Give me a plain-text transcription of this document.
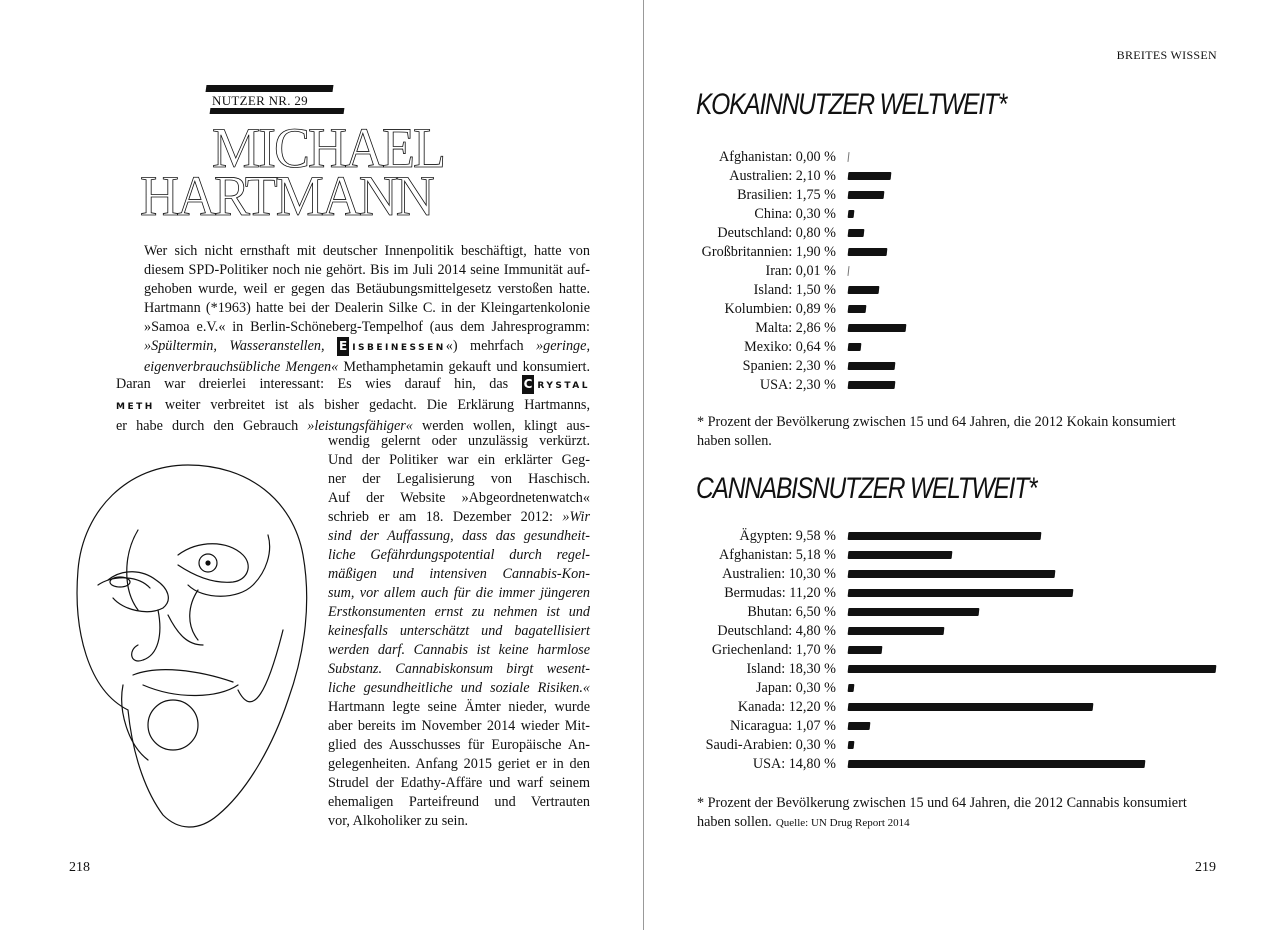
NUTZER NR. 29
MICHAEL
HARTMANN
Wer sich nicht ernsthaft mit deutscher Innenpolitik beschäftigt, hatte von
diesem SPD-Politiker noch nie gehört. Bis im Juli 2014 seine Immunität auf-
gehoben wurde, weil er gegen das Betäubungsmittelgesetz verstoßen hatte.
Hartmann (*1963) hatte bei der Dealerin Silke C. in der Kleingartenkolonie
»Samoa e.V.« in Berlin-Schöneberg-Tempelhof (aus dem Jahresprogramm:
»Spültermin, Wasseranstellen, E ISBEINESSEN«) mehrfach »geringe,
eigenverbrauchsübliche Mengen« Methamphetamin gekauft und konsumiert.
Daran war dreierlei interessant: Es wies darauf hin, das C RYSTAL
METH weiter verbreitet ist als bisher gedacht. Die Erklärung Hartmanns,
er habe durch den Gebrauch »leistungsfähiger« werden wollen, klingt aus-
wendig gelernt oder unzulässig verkürzt.
Und der Politiker war ein erklärter Geg-
ner der Legalisierung von Haschisch.
Auf der Website »Abgeordnetenwatch«
schrieb er am 18. Dezember 2012: »Wir
sind der Auffassung, dass das gesundheit-
liche Gefährdungspotential durch regel-
mäßigen und intensiven Cannabis-Kon-
sum, vor allem auch für die immer jüngeren
Erstkonsumenten ernst zu nehmen ist und
keinesfalls unterschätzt und bagatellisiert
werden darf. Cannabis ist keine harmlose
Substanz. Cannabiskonsum birgt wesent-
liche gesundheitliche und soziale Risiken.«
Hartmann legte seine Ämter nieder, wurde
aber bereits im November 2014 wieder Mit-
glied des Ausschusses für Europäische An-
gelegenheiten. Anfang 2015 geriet er in den
Strudel der Edathy-Affäre und warf seinem
ehemaligen Parteifreund und Vertrauten
vor, Alkoholiker zu sein.
218
BREITES WISSEN
KOKAINNUTZER WELTWEIT*
Afghanistan: 0,00 %
Australien: 2,10 %
Brasilien: 1,75 %
China: 0,30 %
Deutschland: 0,80 %
Großbritannien: 1,90 %
Iran: 0,01 %
Island: 1,50 %
Kolumbien: 0,89 %
Malta: 2,86 %
Mexiko: 0,64 %
Spanien: 2,30 %
USA: 2,30 %
* Prozent der Bevölkerung zwischen 15 und 64 Jahren, die 2012 Kokain konsumiert haben sollen.
CANNABISNUTZER WELTWEIT*
Ägypten: 9,58 %
Afghanistan: 5,18 %
Australien: 10,30 %
Bermudas: 11,20 %
Bhutan: 6,50 %
Deutschland: 4,80 %
Griechenland: 1,70 %
Island: 18,30 %
Japan: 0,30 %
Kanada: 12,20 %
Nicaragua: 1,07 %
Saudi-Arabien: 0,30 %
USA: 14,80 %
* Prozent der Bevölkerung zwischen 15 und 64 Jahren, die 2012 Cannabis konsumiert haben sollen. Quelle: UN Drug Report 2014
219
